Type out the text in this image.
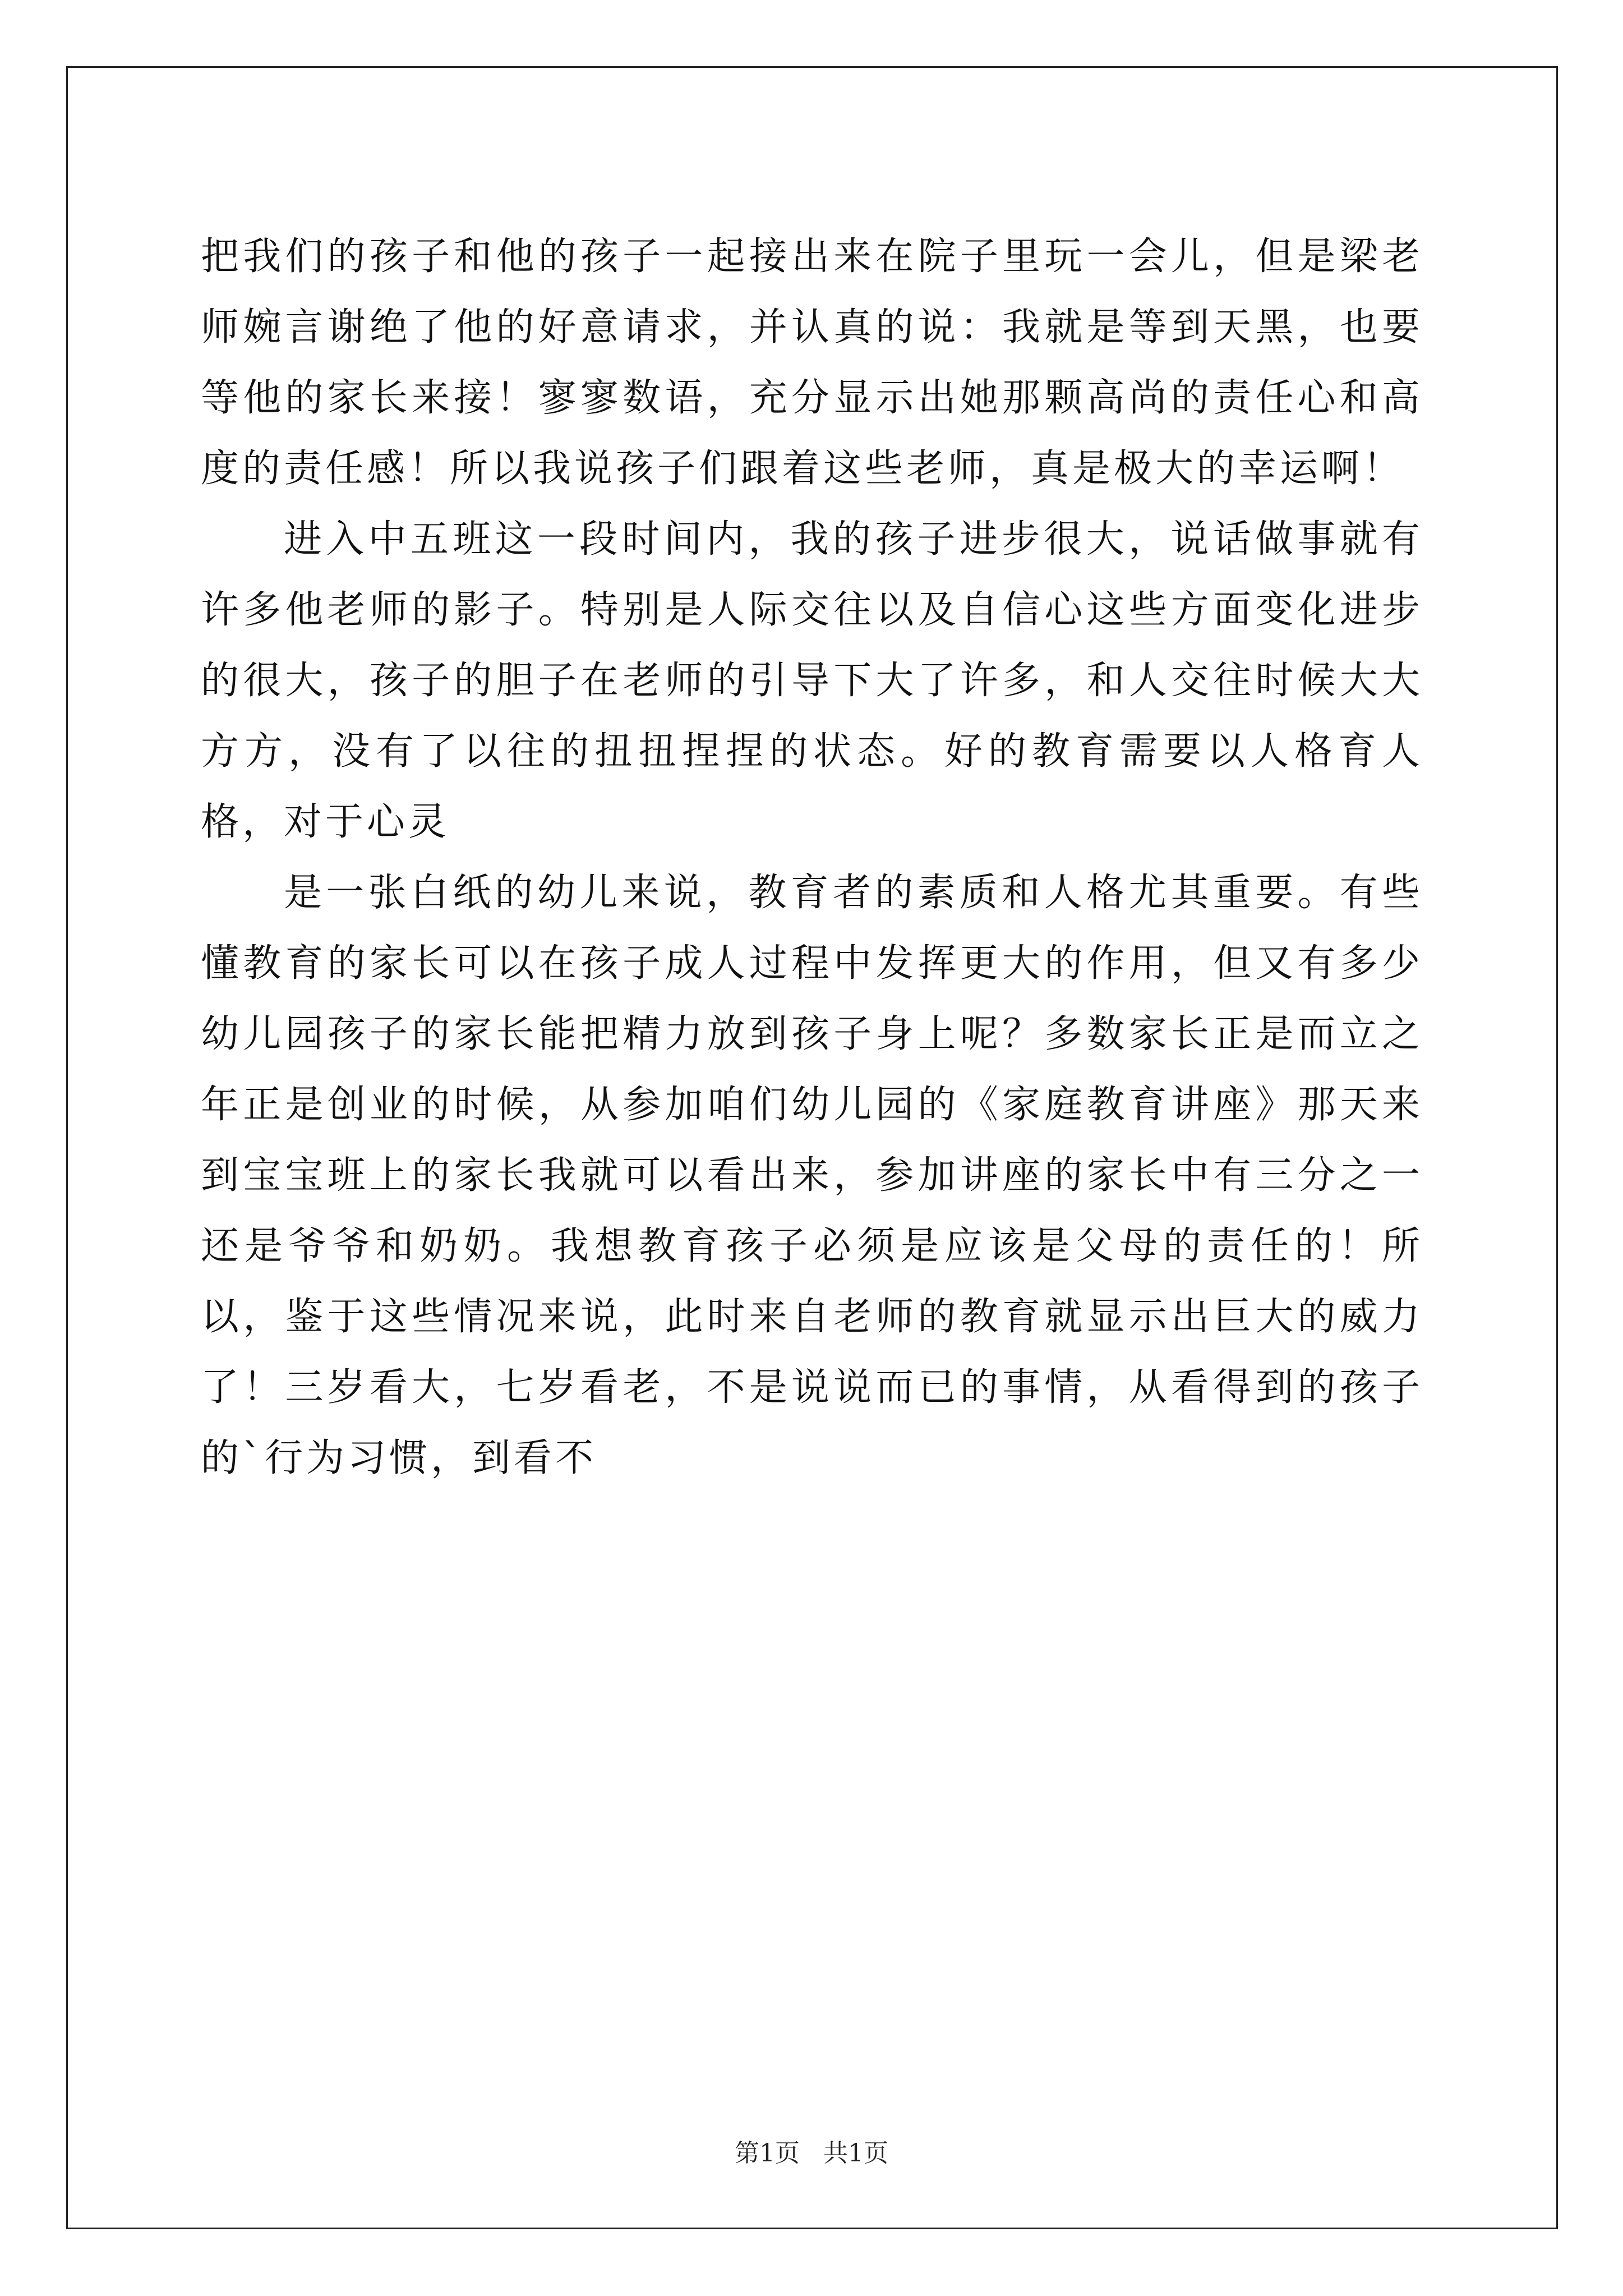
把我们的孩子和他的孩子一起接出来在院子里玩一会儿，但是梁老师婉言谢绝了他的好意请求，并认真的说：我就是等到天黑，也要等他的家长来接！寥寥数语，充分显示出她那颗高尚的责任心和高度的责任感！所以我说孩子们跟着这些老师，真是极大的幸运啊！

进入中五班这一段时间内，我的孩子进步很大，说话做事就有许多他老师的影子。特别是人际交往以及自信心这些方面变化进步的很大，孩子的胆子在老师的引导下大了许多，和人交往时候大大方方，没有了以往的扭扭捏捏的状态。好的教育需要以人格育人格，对于心灵

是一张白纸的幼儿来说，教育者的素质和人格尤其重要。有些懂教育的家长可以在孩子成人过程中发挥更大的作用，但又有多少幼儿园孩子的家长能把精力放到孩子身上呢？多数家长正是而立之年正是创业的时候，从参加咱们幼儿园的《家庭教育讲座》那天来到宝宝班上的家长我就可以看出来，参加讲座的家长中有三分之一还是爷爷和奶奶。我想教育孩子必须是应该是父母的责任的！所以，鉴于这些情况来说，此时来自老师的教育就显示出巨大的威力了！三岁看大，七岁看老，不是说说而已的事情，从看得到的孩子的`行为习惯，到看不

第1页   共1页
